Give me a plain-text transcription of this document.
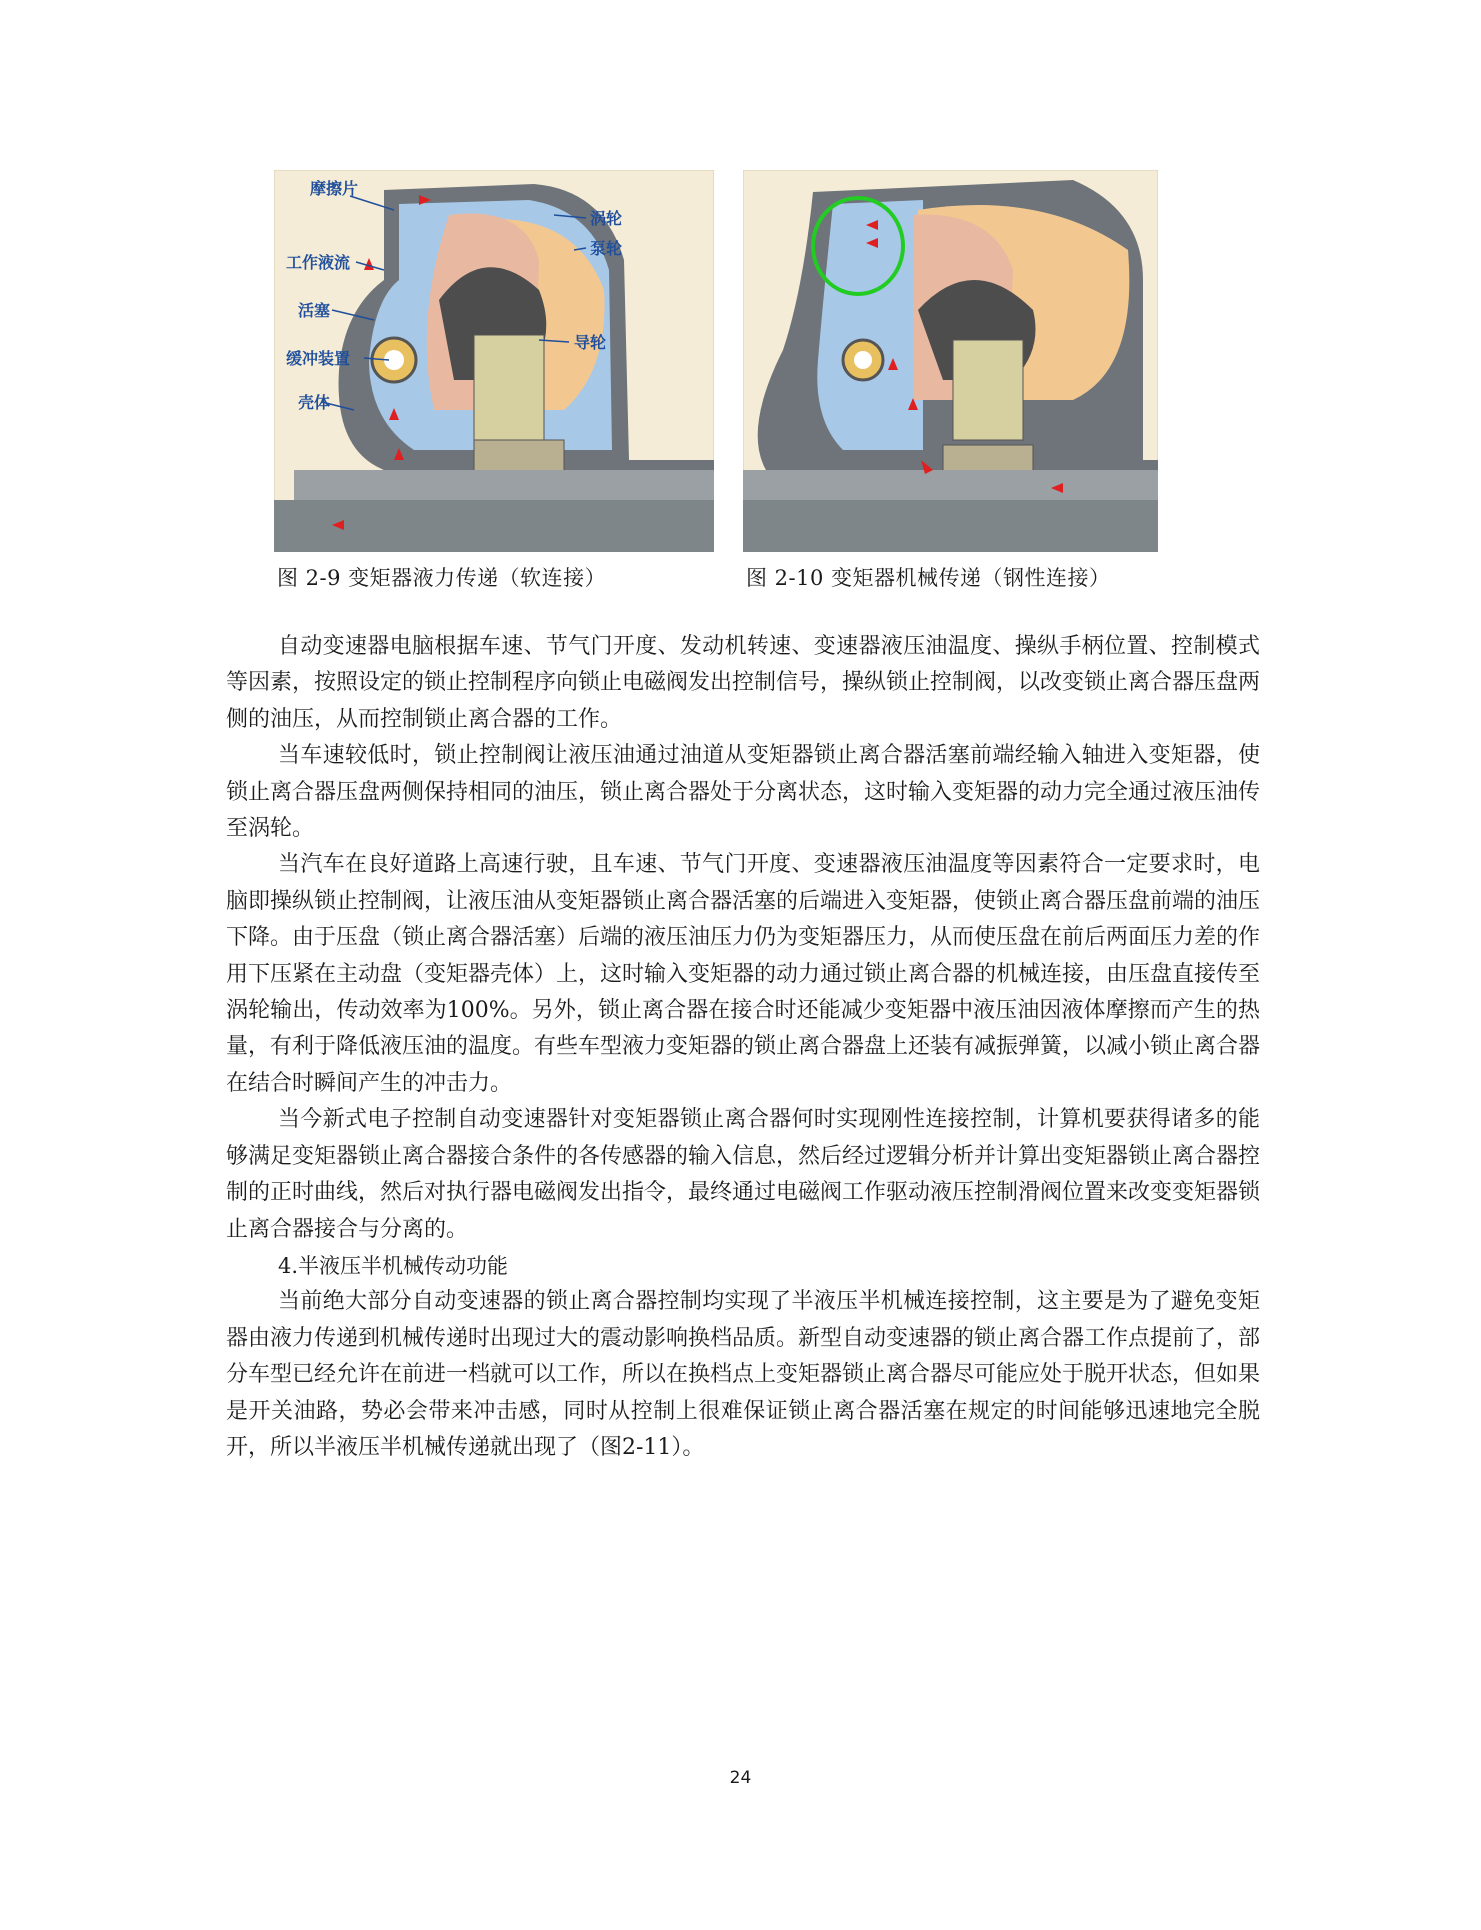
摩擦片
工作液流
活塞
缓冲装置
壳体
涡轮
泵轮
导轮
图 2-9 变矩器液力传递（软连接）	图 2-10 变矩器机械传递（钢性连接）

自动变速器电脑根据车速、节气门开度、发动机转速、变速器液压油温度、操纵手柄位置、控制模式等因素，按照设定的锁止控制程序向锁止电磁阀发出控制信号，操纵锁止控制阀，以改变锁止离合器压盘两侧的油压，从而控制锁止离合器的工作。

当车速较低时，锁止控制阀让液压油通过油道从变矩器锁止离合器活塞前端经输入轴进入变矩器，使锁止离合器压盘两侧保持相同的油压，锁止离合器处于分离状态，这时输入变矩器的动力完全通过液压油传至涡轮。

当汽车在良好道路上高速行驶，且车速、节气门开度、变速器液压油温度等因素符合一定要求时，电脑即操纵锁止控制阀，让液压油从变矩器锁止离合器活塞的后端进入变矩器，使锁止离合器压盘前端的油压下降。由于压盘（锁止离合器活塞）后端的液压油压力仍为变矩器压力，从而使压盘在前后两面压力差的作用下压紧在主动盘（变矩器壳体）上，这时输入变矩器的动力通过锁止离合器的机械连接，由压盘直接传至涡轮输出，传动效率为100%。另外，锁止离合器在接合时还能减少变矩器中液压油因液体摩擦而产生的热量，有利于降低液压油的温度。有些车型液力变矩器的锁止离合器盘上还装有减振弹簧，以减小锁止离合器在结合时瞬间产生的冲击力。

当今新式电子控制自动变速器针对变矩器锁止离合器何时实现刚性连接控制，计算机要获得诸多的能够满足变矩器锁止离合器接合条件的各传感器的输入信息，然后经过逻辑分析并计算出变矩器锁止离合器控制的正时曲线，然后对执行器电磁阀发出指令，最终通过电磁阀工作驱动液压控制滑阀位置来改变变矩器锁止离合器接合与分离的。

4.半液压半机械传动功能

当前绝大部分自动变速器的锁止离合器控制均实现了半液压半机械连接控制，这主要是为了避免变矩器由液力传递到机械传递时出现过大的震动影响换档品质。新型自动变速器的锁止离合器工作点提前了，部分车型已经允许在前进一档就可以工作，所以在换档点上变矩器锁止离合器尽可能应处于脱开状态，但如果是开关油路，势必会带来冲击感，同时从控制上很难保证锁止离合器活塞在规定的时间能够迅速地完全脱开，所以半液压半机械传递就出现了（图2-11）。

24
